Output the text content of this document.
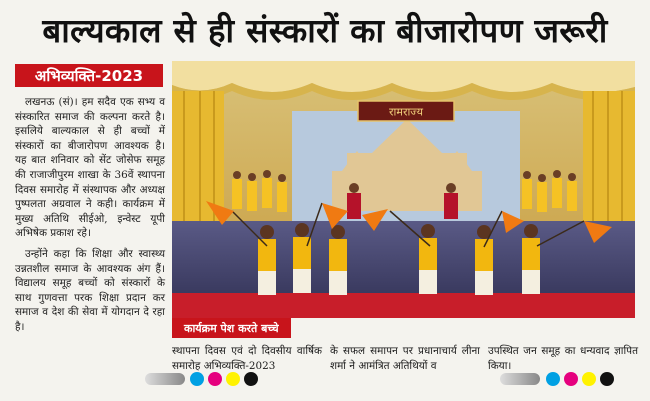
बाल्यकाल से ही संस्कारों का बीजारोपण जरूरी
अभिव्यक्ति-2023

लखनऊ (सं)। हम सदैव एक सभ्य व संस्कारित समाज की कल्पना करते है। इसलिये बाल्यकाल से ही बच्चों में संस्कारों का बीजारोपण आवश्यक है। यह बात शनिवार को सेंट जोसेफ समूह की राजाजीपुरम शाखा के 36वें स्थापना दिवस समारोह में संस्थापक और अध्यक्ष पुष्पलता अग्रवाल ने कही। कार्यक्रम में मुख्य अतिथि सीईओ, इन्वेस्ट यूपी अभिषेक प्रकाश रहे।

उन्होंने कहा कि शिक्षा और स्वास्थ्य उन्नतशील समाज के आवश्यक अंग हैं। विद्यालय समूह बच्चों को संस्कारों के साथ गुणवत्ता परक शिक्षा प्रदान कर समाज व देश की सेवा में योगदान दे रहा है।

रामराज्य
कार्यक्रम पेश करते बच्चे
स्थापना दिवस एवं दो दिवसीय वार्षिक समारोह अभिव्यक्ति-2023
के सफल समापन पर प्रधानाचार्य लीना शर्मा ने आमंत्रित अतिथियों व
उपस्थित जन समूह का धन्यवाद ज्ञापित किया।
